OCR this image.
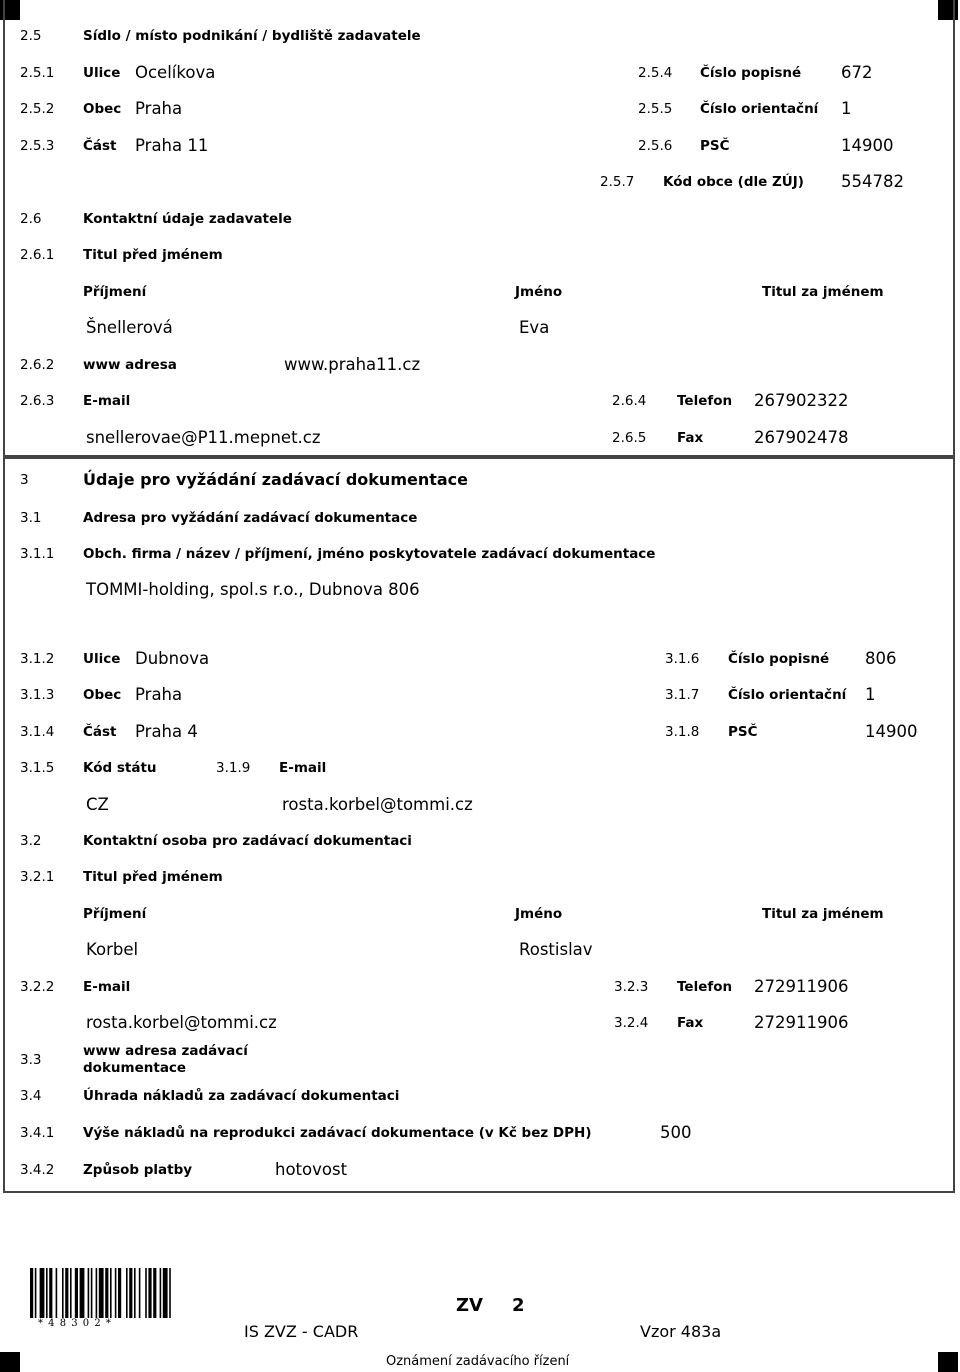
2.5	Sídlo / místo podnikání / bydliště zadavatele
2.5.1 Ulice Ocelíkova	2.5.4 Číslo popisné 672
2.5.2 Obec Praha	2.5.5 Číslo orientační 1
2.5.3 Část Praha 11	2.5.6 PSČ	14900
2.5.7 Kód obce (dle ZÚJ) 554782
2.6	Kontaktní údaje zadavatele
2.6.1 Titul před jménem
Příjmení	Jméno	Titul za jménem
Šnellerová	Eva
2.6.2 www adresa	www.praha11.cz
2.6.3 E-mail	2.6.4 Telefon 267902322
snellerovae@P11.mepnet.cz	2.6.5 Fax	267902478
3	Údaje pro vyžádání zadávací dokumentace
3.1	Adresa pro vyžádání zadávací dokumentace
3.1.1 Obch. firma / název / příjmení, jméno poskytovatele zadávací dokumentace
TOMMI-holding, spol.s r.o., Dubnova 806
3.1.2 Ulice Dubnova	3.1.6 Číslo popisné 806
3.1.3 Obec Praha	3.1.7 Číslo orientační 1
3.1.4 Část Praha 4	3.1.8 PSČ	14900
3.1.5 Kód státu	3.1.9 E-mail
CZ	rosta.korbel@tommi.cz
3.2	Kontaktní osoba pro zadávací dokumentaci
3.2.1 Titul před jménem
Příjmení	Jméno	Titul za jménem
Korbel	Rostislav
3.2.2 E-mail	3.2.3 Telefon 272911906
rosta.korbel@tommi.cz	3.2.4 Fax	272911906
3.3
www adresa zadávací dokumentace
3.4	Úhrada nákladů za zadávací dokumentaci
3.4.1 Výše nákladů na reprodukci zadávací dokumentace (v Kč bez DPH)	500
3.4.2 Způsob platby	hotovost
* 4 8 3 0 2 *
ZV 2
IS ZVZ - CADR	Vzor 483a
Oznámení zadávacího řízení
